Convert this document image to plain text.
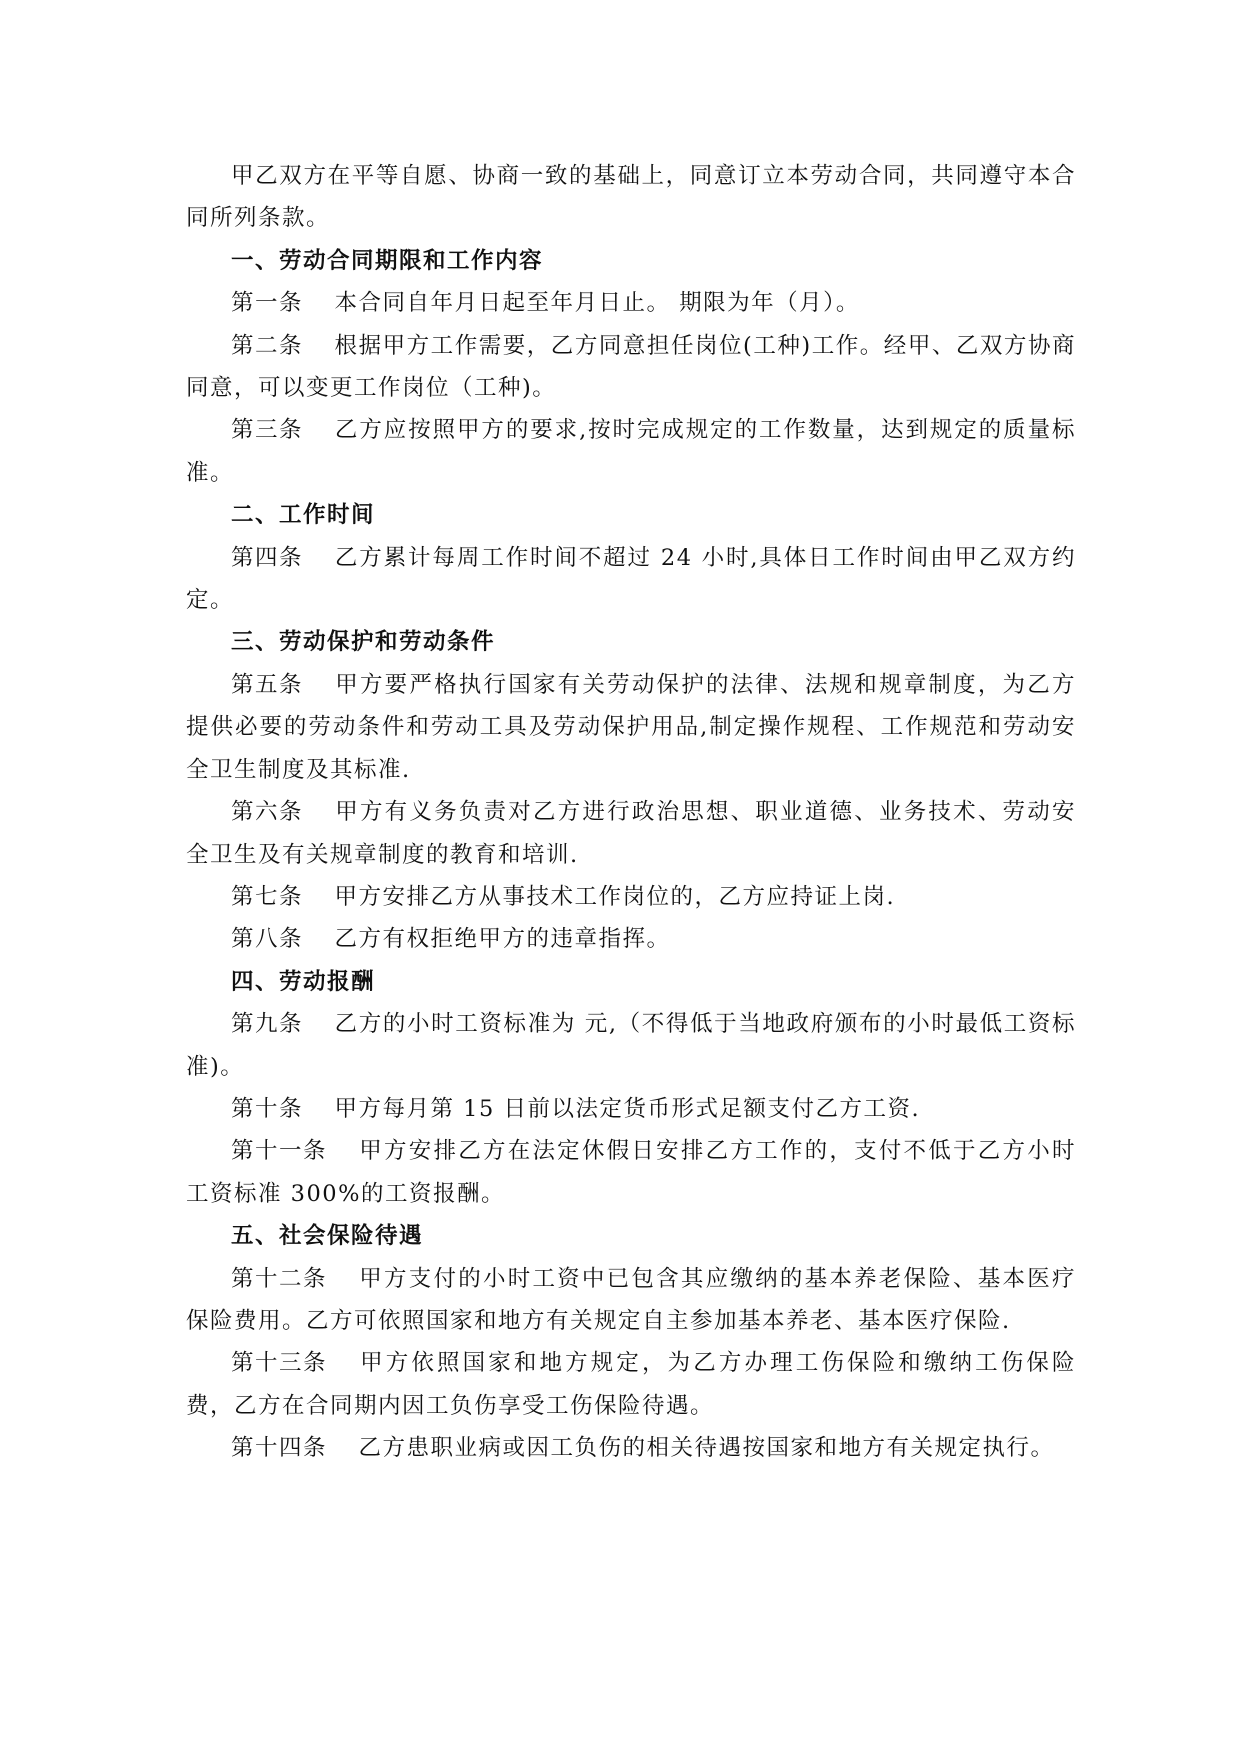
甲乙双方在平等自愿、协商一致的基础上，同意订立本劳动合同，共同遵守本合同所列条款。

一、劳动合同期限和工作内容

第一条 本合同自年月日起至年月日止。 期限为年（月）。

第二条 根据甲方工作需要，乙方同意担任岗位(工种)工作。经甲、乙双方协商同意，可以变更工作岗位（工种)。

第三条 乙方应按照甲方的要求,按时完成规定的工作数量，达到规定的质量标准。

二、工作时间

第四条 乙方累计每周工作时间不超过 24 小时,具体日工作时间由甲乙双方约定。

三、劳动保护和劳动条件

第五条 甲方要严格执行国家有关劳动保护的法律、法规和规章制度，为乙方提供必要的劳动条件和劳动工具及劳动保护用品,制定操作规程、工作规范和劳动安全卫生制度及其标准.

第六条 甲方有义务负责对乙方进行政治思想、职业道德、业务技术、劳动安全卫生及有关规章制度的教育和培训.

第七条 甲方安排乙方从事技术工作岗位的，乙方应持证上岗.

第八条 乙方有权拒绝甲方的违章指挥。

四、劳动报酬

第九条 乙方的小时工资标准为 元,（不得低于当地政府颁布的小时最低工资标准)。

第十条 甲方每月第 15 日前以法定货币形式足额支付乙方工资.

第十一条 甲方安排乙方在法定休假日安排乙方工作的，支付不低于乙方小时工资标准 300%的工资报酬。

五、社会保险待遇

第十二条 甲方支付的小时工资中已包含其应缴纳的基本养老保险、基本医疗保险费用。乙方可依照国家和地方有关规定自主参加基本养老、基本医疗保险.

第十三条 甲方依照国家和地方规定，为乙方办理工伤保险和缴纳工伤保险费，乙方在合同期内因工负伤享受工伤保险待遇。

第十四条 乙方患职业病或因工负伤的相关待遇按国家和地方有关规定执行。
